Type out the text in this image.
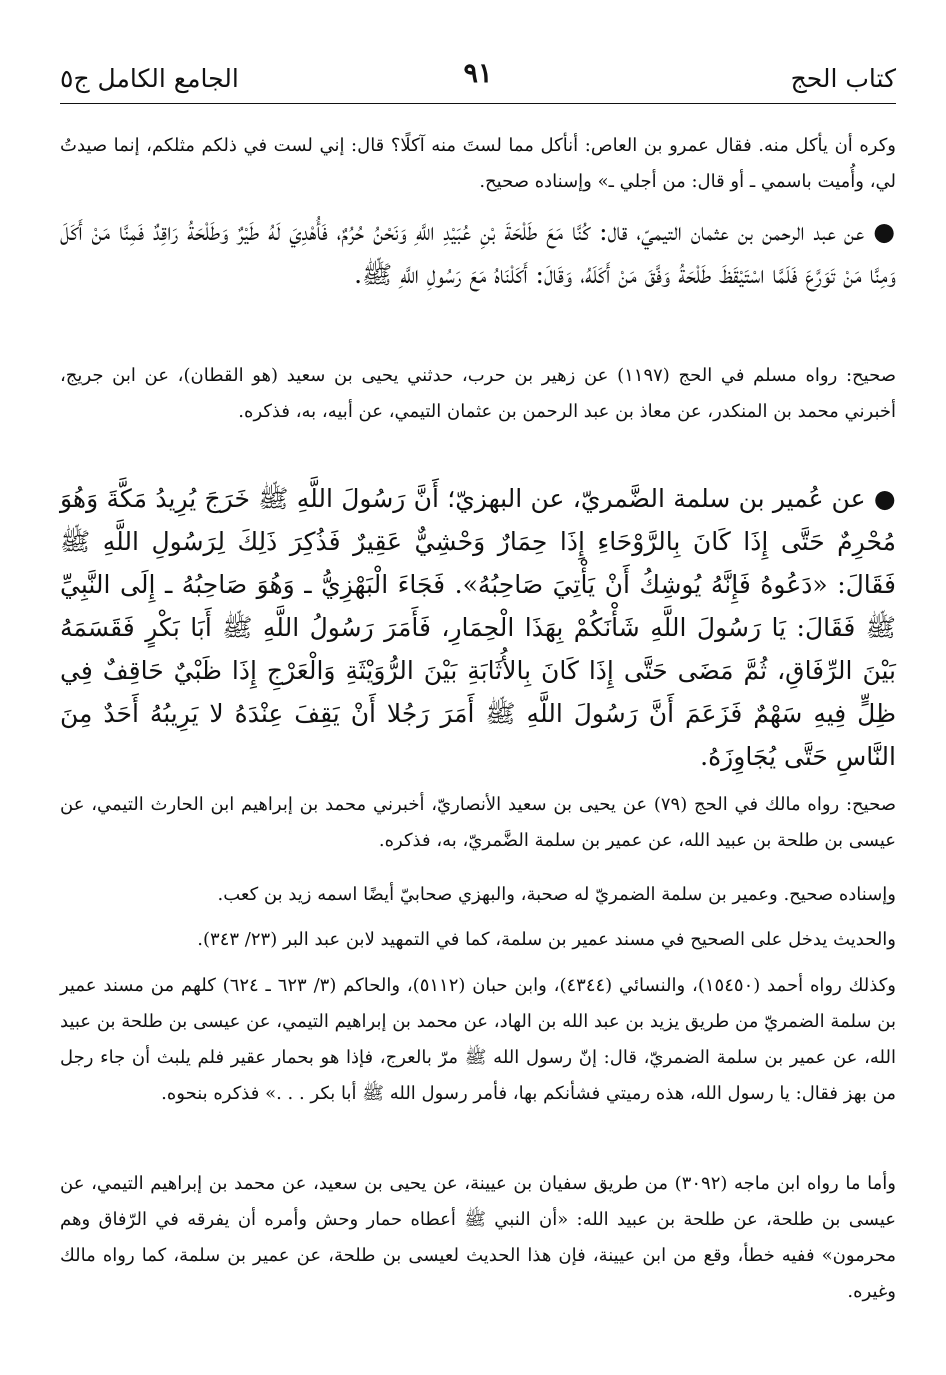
كتاب الحج
٩١
الجامع الكامل ج٥

وكره أن يأكل منه. فقال عمرو بن العاص: أنأكل مما لستَ منه آكلًا؟ قال: إني لست في ذلكم مثلكم، إنما صيدتُ لي، وأُميت باسمي ـ أو قال: من أجلي ـ» وإسناده صحيح.

● عن عبد الرحمن بن عثمان التيميّ، قال: كُنَّا مَعَ طَلْحَةَ بْنِ عُبَيْدِ اللَّهِ وَنَحْنُ حُرُمٌ، فَأُهْدِيَ لَهُ طَيْرٌ وَطَلْحَةُ رَاقِدٌ فَمِنَّا مَنْ أَكَلَ وَمِنَّا مَنْ تَوَرَّعَ فَلَمَّا اسْتَيْقَظَ طَلْحَةُ وَفَّقَ مَنْ أَكَلَهُ، وَقَالَ: أَكَلْنَاهُ مَعَ رَسُولِ اللَّهِ ﷺ.

صحيح: رواه مسلم في الحج (١١٩٧) عن زهير بن حرب، حدثني يحيى بن سعيد (هو القطان)، عن ابن جريج، أخبرني محمد بن المنكدر، عن معاذ بن عبد الرحمن بن عثمان التيمي، عن أبيه، به، فذكره.

● عن عُمير بن سلمة الضَّمريّ، عن البهزيّ؛ أَنَّ رَسُولَ اللَّهِ ﷺ خَرَجَ يُرِيدُ مَكَّةَ وَهُوَ مُحْرِمٌ حَتَّى إِذَا كَانَ بِالرَّوْحَاءِ إِذَا حِمَارٌ وَحْشِيٌّ عَقِيرٌ فَذُكِرَ ذَلِكَ لِرَسُولِ اللَّهِ ﷺ فَقَالَ: «دَعُوهُ فَإِنَّهُ يُوشِكُ أَنْ يَأْتِيَ صَاحِبُهُ». فَجَاءَ الْبَهْزِيُّ ـ وَهُوَ صَاحِبُهُ ـ إِلَى النَّبِيِّ ﷺ فَقَالَ: يَا رَسُولَ اللَّهِ شَأْنَكُمْ بِهَذَا الْحِمَارِ، فَأَمَرَ رَسُولُ اللَّهِ ﷺ أَبَا بَكْرٍ فَقَسَمَهُ بَيْنَ الرِّفَاقِ، ثُمَّ مَضَى حَتَّى إِذَا كَانَ بِالأُثَابَةِ بَيْنَ الرُّوَيْثَةِ وَالْعَرْجِ إِذَا ظَبْيٌ حَاقِفٌ فِي ظِلٍّ فِيهِ سَهْمٌ فَزَعَمَ أَنَّ رَسُولَ اللَّهِ ﷺ أَمَرَ رَجُلا أَنْ يَقِفَ عِنْدَهُ لا يَرِيبُهُ أَحَدٌ مِنَ النَّاسِ حَتَّى يُجَاوِزَهُ.

صحيح: رواه مالك في الحج (٧٩) عن يحيى بن سعيد الأنصاريّ، أخبرني محمد بن إبراهيم ابن الحارث التيمي، عن عيسى بن طلحة بن عبيد الله، عن عمير بن سلمة الضَّمريّ، به، فذكره.

وإسناده صحيح. وعمير بن سلمة الضمريّ له صحبة، والبهزي صحابيّ أيضًا اسمه زيد بن كعب.

والحديث يدخل على الصحيح في مسند عمير بن سلمة، كما في التمهيد لابن عبد البر (٢٣/ ٣٤٣).

وكذلك رواه أحمد (١٥٤٥٠)، والنسائي (٤٣٤٤)، وابن حبان (٥١١٢)، والحاكم (٣/ ٦٢٣ ـ ٦٢٤) كلهم من مسند عمير بن سلمة الضمريّ من طريق يزيد بن عبد الله بن الهاد، عن محمد بن إبراهيم التيمي، عن عيسى بن طلحة بن عبيد الله، عن عمير بن سلمة الضمريّ، قال: إنّ رسول الله ﷺ مرّ بالعرج، فإذا هو بحمار عقير فلم يلبث أن جاء رجل من بهز فقال: يا رسول الله، هذه رميتي فشأنكم بها، فأمر رسول الله ﷺ أبا بكر . . .» فذكره بنحوه.

وأما ما رواه ابن ماجه (٣٠٩٢) من طريق سفيان بن عيينة، عن يحيى بن سعيد، عن محمد بن إبراهيم التيمي، عن عيسى بن طلحة، عن طلحة بن عبيد الله: «أن النبي ﷺ أعطاه حمار وحش وأمره أن يفرقه في الرّفاق وهم محرمون» ففيه خطأ، وقع من ابن عيينة، فإن هذا الحديث لعيسى بن طلحة، عن عمير بن سلمة، كما رواه مالك وغيره.
